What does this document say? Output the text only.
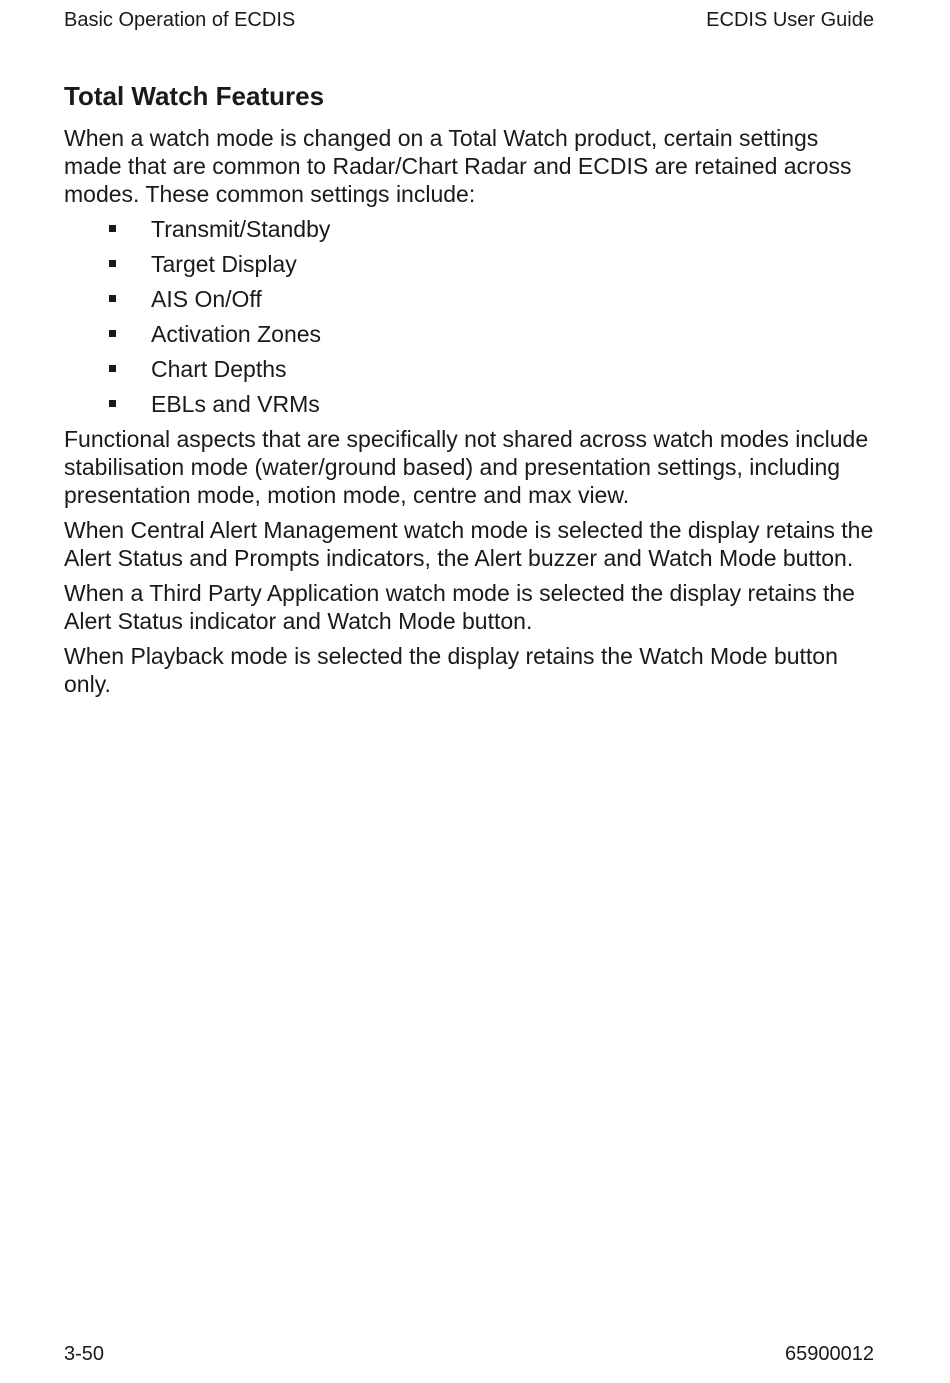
Basic Operation of ECDIS	ECDIS User Guide
Total Watch Features

When a watch mode is changed on a Total Watch product, certain settings made that are common to Radar/Chart Radar and ECDIS are retained across modes. These common settings include:

Transmit/Standby
Target Display
AIS On/Off
Activation Zones
Chart Depths
EBLs and VRMs

Functional aspects that are specifically not shared across watch modes include stabilisation mode (water/ground based) and presentation settings, including presentation mode, motion mode, centre and max view.

When Central Alert Management watch mode is selected the display retains the Alert Status and Prompts indicators, the Alert buzzer and Watch Mode button.

When a Third Party Application watch mode is selected the display retains the Alert Status indicator and Watch Mode button.

When Playback mode is selected the display retains the Watch Mode button only.

3-50	65900012
